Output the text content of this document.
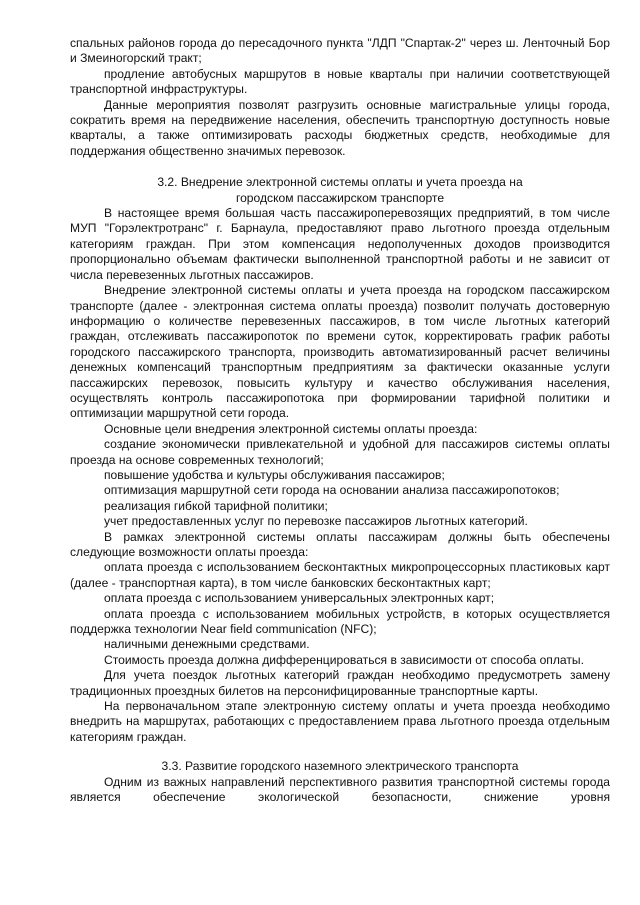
спальных районов города до пересадочного пункта "ЛДП "Спартак-2" через ш. Ленточный Бор и Змеиногорский тракт;

продление автобусных маршрутов в новые кварталы при наличии соответствующей транспортной инфраструктуры.

Данные мероприятия позволят разгрузить основные магистральные улицы города, сократить время на передвижение населения, обеспечить транспортную доступность новые кварталы, а также оптимизировать расходы бюджетных средств, необходимые для поддержания общественно значимых перевозок.

3.2. Внедрение электронной системы оплаты и учета проезда на городском пассажирском транспорте

В настоящее время большая часть пассажироперевозящих предприятий, в том числе МУП "Горэлектротранс" г. Барнаула, предоставляют право льготного проезда отдельным категориям граждан. При этом компенсация недополученных доходов производится пропорционально объемам фактически выполненной транспортной работы и не зависит от числа перевезенных льготных пассажиров.

Внедрение электронной системы оплаты и учета проезда на городском пассажирском транспорте (далее - электронная система оплаты проезда) позволит получать достоверную информацию о количестве перевезенных пассажиров, в том числе льготных категорий граждан, отслеживать пассажиропоток по времени суток, корректировать график работы городского пассажирского транспорта, производить автоматизированный расчет величины денежных компенсаций транспортным предприятиям за фактически оказанные услуги пассажирских перевозок, повысить культуру и качество обслуживания населения, осуществлять контроль пассажиропотока при формировании тарифной политики и оптимизации маршрутной сети города.

Основные цели внедрения электронной системы оплаты проезда:

создание экономически привлекательной и удобной для пассажиров системы оплаты проезда на основе современных технологий;

повышение удобства и культуры обслуживания пассажиров;

оптимизация маршрутной сети города на основании анализа пассажиропотоков;

реализация гибкой тарифной политики;

учет предоставленных услуг по перевозке пассажиров льготных категорий.

В рамках электронной системы оплаты пассажирам должны быть обеспечены следующие возможности оплаты проезда:

оплата проезда с использованием бесконтактных микропроцессорных пластиковых карт (далее - транспортная карта), в том числе банковских бесконтактных карт;

оплата проезда с использованием универсальных электронных карт;

оплата проезда с использованием мобильных устройств, в которых осуществляется поддержка технологии Near field communication (NFC);

наличными денежными средствами.

Стоимость проезда должна дифференцироваться в зависимости от способа оплаты.

Для учета поездок льготных категорий граждан необходимо предусмотреть замену традиционных проездных билетов на персонифицированные транспортные карты.

На первоначальном этапе электронную систему оплаты и учета проезда необходимо внедрить на маршрутах, работающих с предоставлением права льготного проезда отдельным категориям граждан.

3.3. Развитие городского наземного электрического транспорта

Одним из важных направлений перспективного развития транспортной системы города является обеспечение экологической безопасности, снижение уровня
